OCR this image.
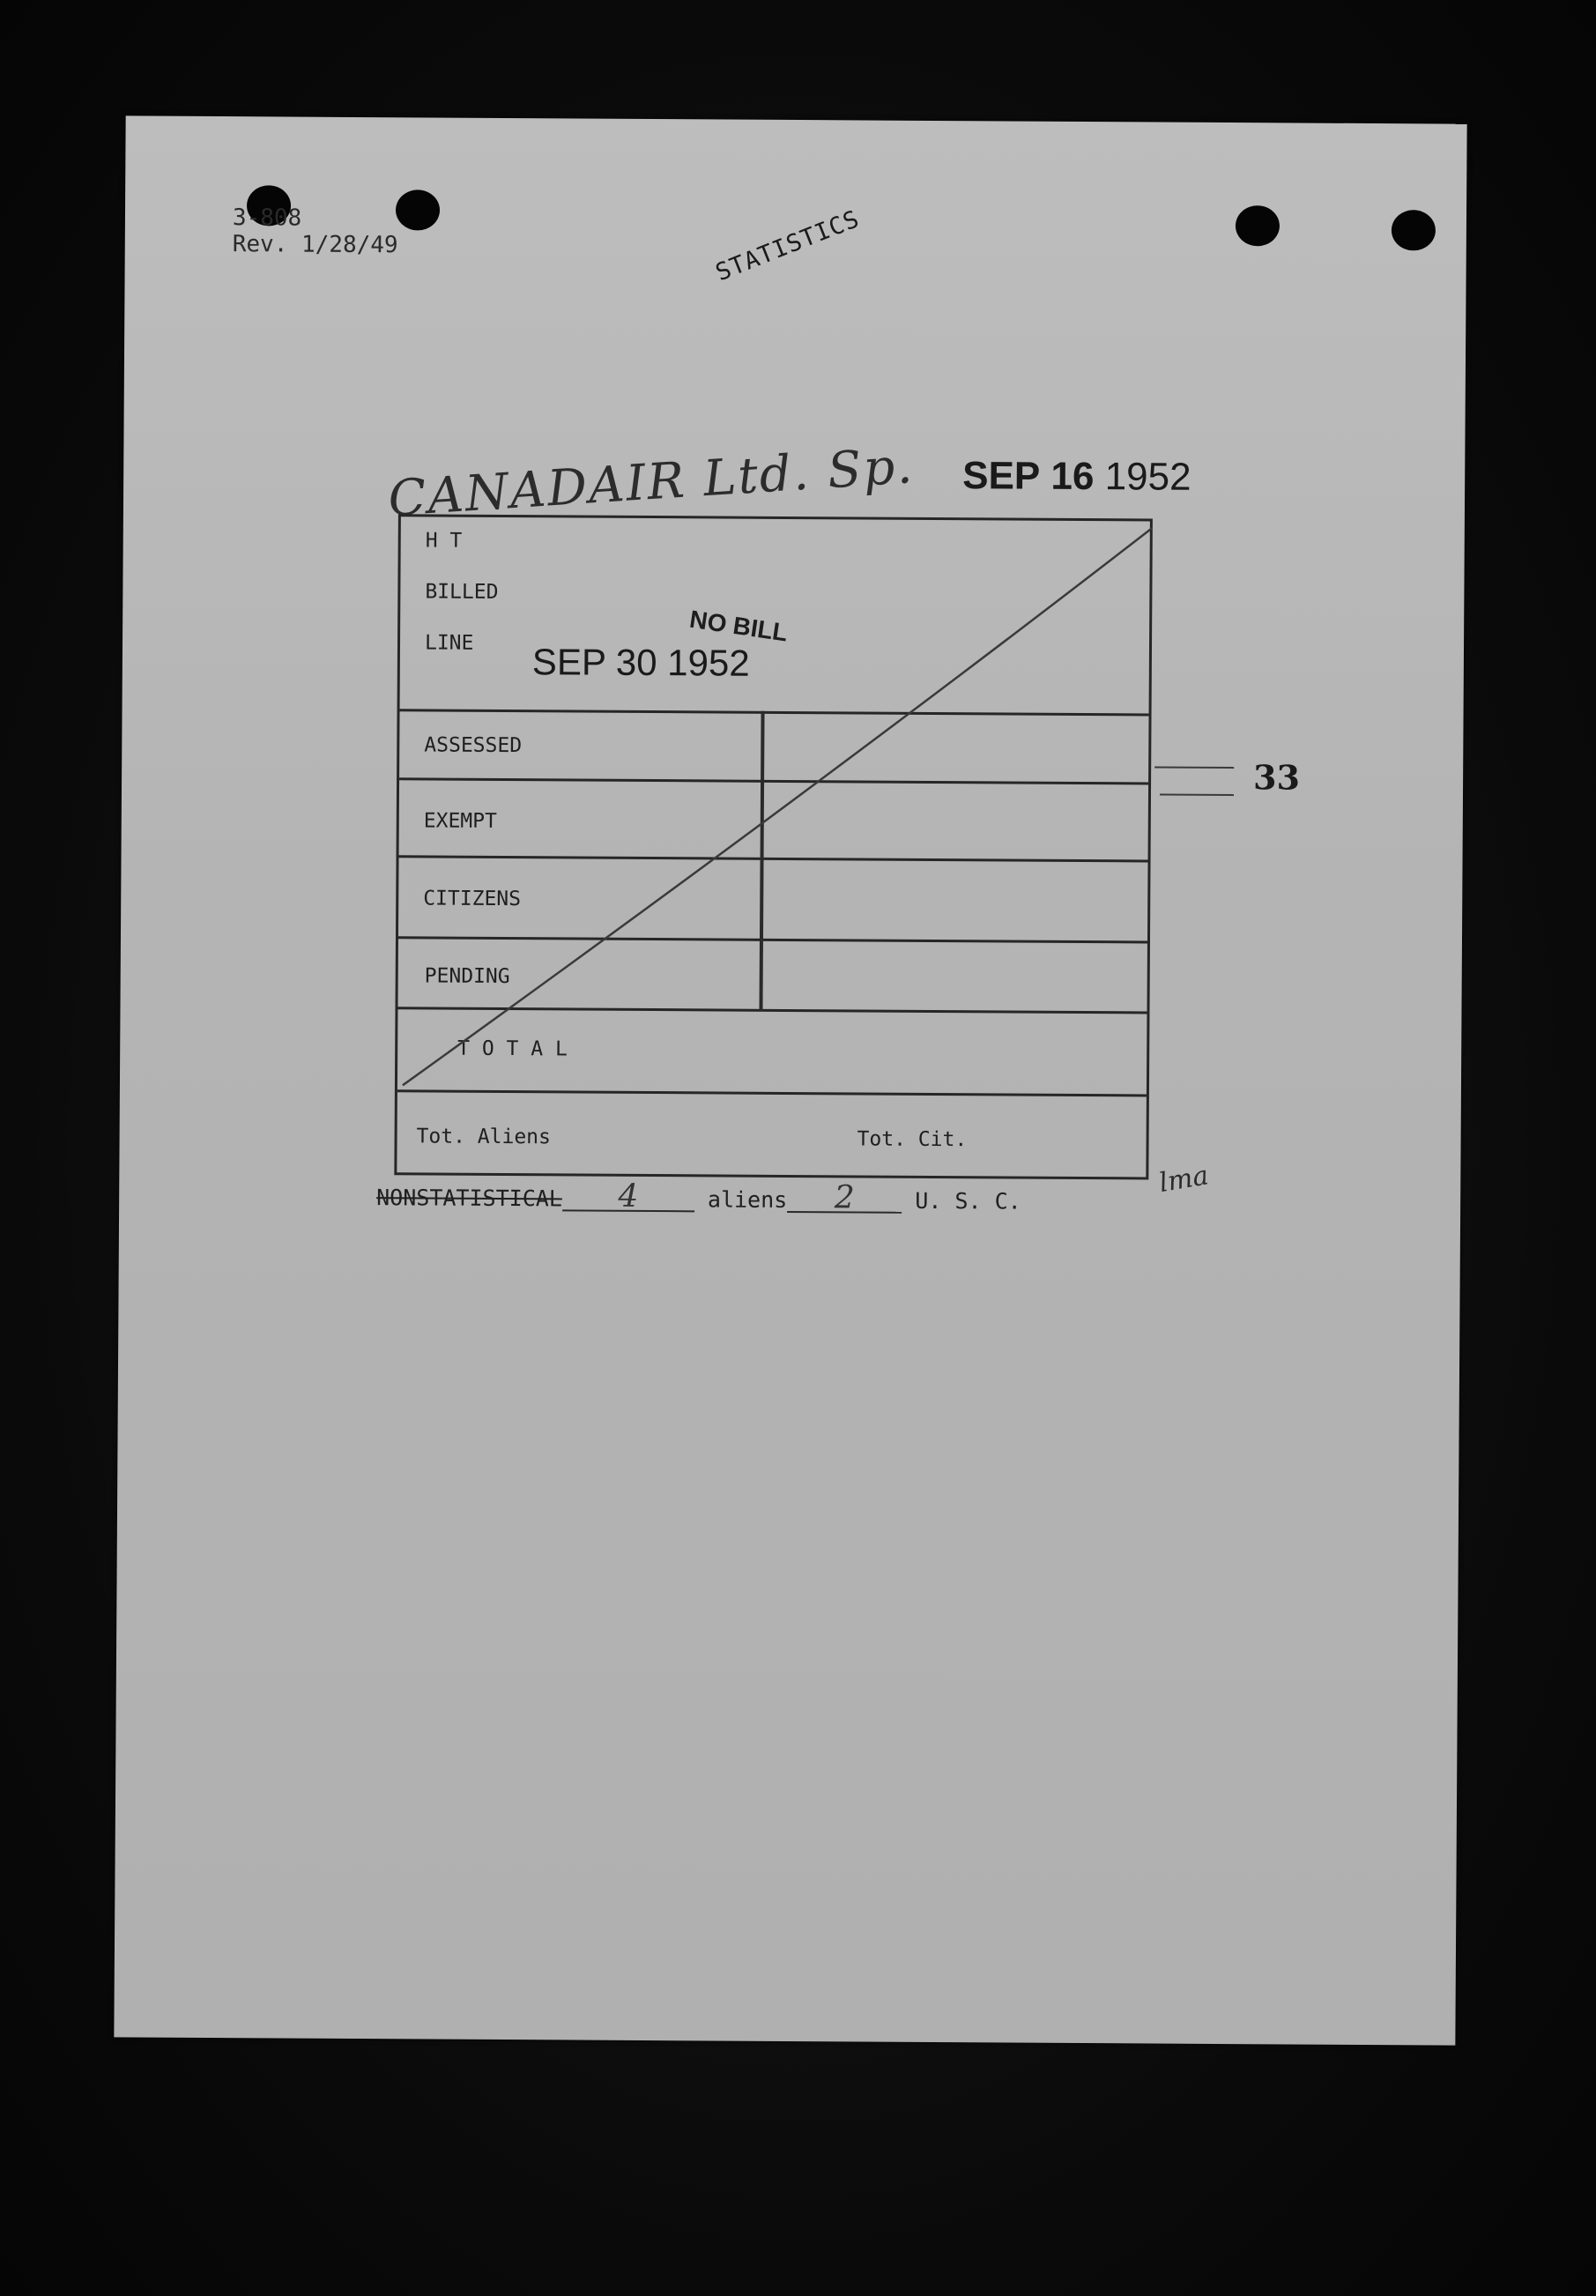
3-808
Rev. 1/28/49	STATISTICS
CANADAIR Ltd. Sp. SEP 16 1952
H T
BILLED
LINE	NO BILL
SEP 30 1952
ASSESSED
EXEMPT
CITIZENS
PENDING
T O T A L
Tot. Aliens	Tot. Cit.
33
NONSTATISTICAL 4	aliens 2	U. S. C.
lma
